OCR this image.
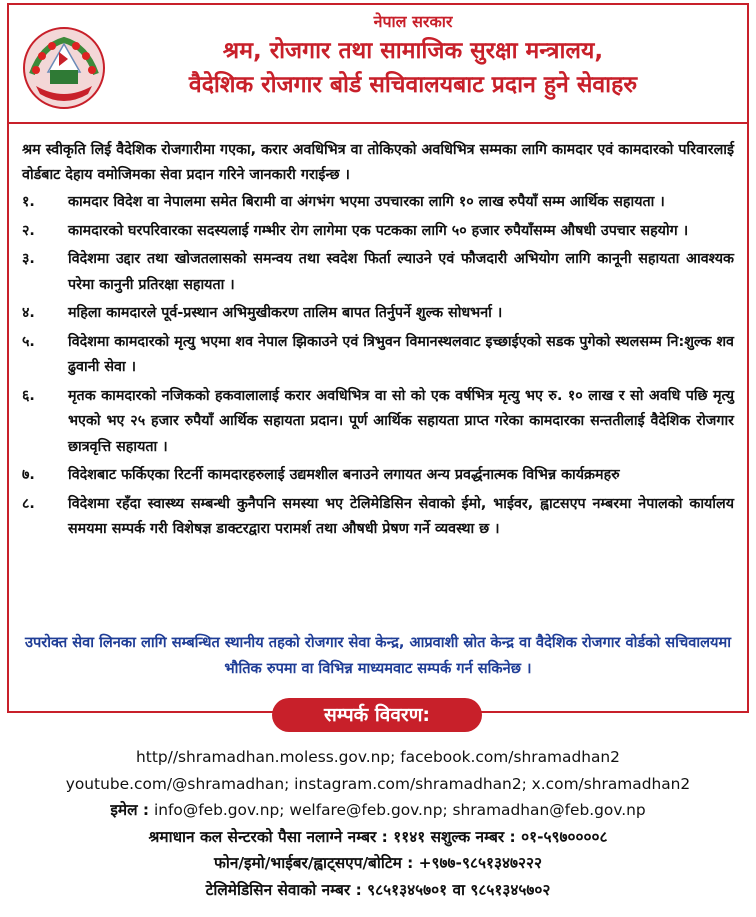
नेपाल सरकार
श्रम, रोजगार तथा सामाजिक सुरक्षा मन्त्रालय,
वैदेशिक रोजगार बोर्ड सचिवालयबाट प्रदान हुने सेवाहरु
श्रम स्वीकृति लिई वैदेशिक रोजगारीमा गएका, करार अवधिभित्र वा तोकिएको अवधिभित्र सम्मका लागि कामदार एवं कामदारको परिवारलाई वोर्डबाट देहाय वमोजिमका सेवा प्रदान गरिने जानकारी गराईन्छ ।
१.	कामदार विदेश वा नेपालमा समेत बिरामी वा अंगभंग भएमा उपचारका लागि १० लाख रुपैयाँ सम्म आर्थिक सहायता ।
२.	कामदारको घरपरिवारका सदस्यलाई गम्भीर रोग लागेमा एक पटकका लागि ५० हजार रुपैयाँसम्म औषधी उपचार सहयोग ।
३.	विदेशमा उद्दार तथा खोजतलासको समन्वय तथा स्वदेश फिर्ता ल्याउने एवं फौजदारी अभियोग लागि कानूनी सहायता आवश्यक परेमा कानुनी प्रतिरक्षा सहायता ।
४.	महिला कामदारले पूर्व-प्रस्थान अभिमुखीकरण तालिम बापत तिर्नुपर्ने शुल्क सोधभर्ना ।
५.	विदेशमा कामदारको मृत्यु भएमा शव नेपाल झिकाउने एवं त्रिभुवन विमानस्थलवाट इच्छाईएको सडक पुगेको स्थलसम्म नि:शुल्क शव ढुवानी सेवा ।
६.	मृतक कामदारको नजिकको हकवालालाई करार अवधिभित्र वा सो को एक वर्षभित्र मृत्यु भए रु. १० लाख र सो अवधि पछि मृत्यु भएको भए २५ हजार रुपैयाँ आर्थिक सहायता प्रदान। पूर्ण आर्थिक सहायता प्राप्त गरेका कामदारका सन्ततीलाई वैदेशिक रोजगार छात्रवृत्ति सहायता ।
७.	विदेशबाट फर्किएका रिटर्नी कामदारहरुलाई उद्यमशील बनाउने लगायत अन्य प्रवर्द्धनात्मक विभिन्न कार्यक्रमहरु
८.	विदेशमा रहँदा स्वास्थ्य सम्बन्धी कुनैपनि समस्या भए टेलिमेडिसिन सेवाको ईमो, भाईवर, ह्वाटसएप नम्बरमा नेपालको कार्यालय समयमा सम्पर्क गरी विशेषज्ञ डाक्टरद्वारा परामर्श तथा औषधी प्रेषण गर्ने व्यवस्था छ ।
उपरोक्त सेवा लिनका लागि सम्बन्धित स्थानीय तहको रोजगार सेवा केन्द्र, आप्रवाशी स्रोत केन्द्र वा वैदेशिक रोजगार वोर्डको सचिवालयमा भौतिक रुपमा वा विभिन्न माध्यमवाट सम्पर्क गर्न सकिनेछ ।
सम्पर्क विवरण:
http//shramadhan.moless.gov.np; facebook.com/shramadhan2
youtube.com/@shramadhan; instagram.com/shramadhan2; x.com/shramadhan2
इमेल : info@feb.gov.np; welfare@feb.gov.np; shramadhan@feb.gov.np
श्रमाधान कल सेन्टरको पैसा नलाग्ने नम्बर : ११४१ सशुल्क नम्बर : ०१-५९७००००८
फोन/इमो/भाईबर/ह्वाट्सएप/बोटिम : +९७७-९८५१३४७२२२
टेलिमेडिसिन सेवाको नम्बर : ९८५१३४५७०१ वा ९८५१३४५७०२
